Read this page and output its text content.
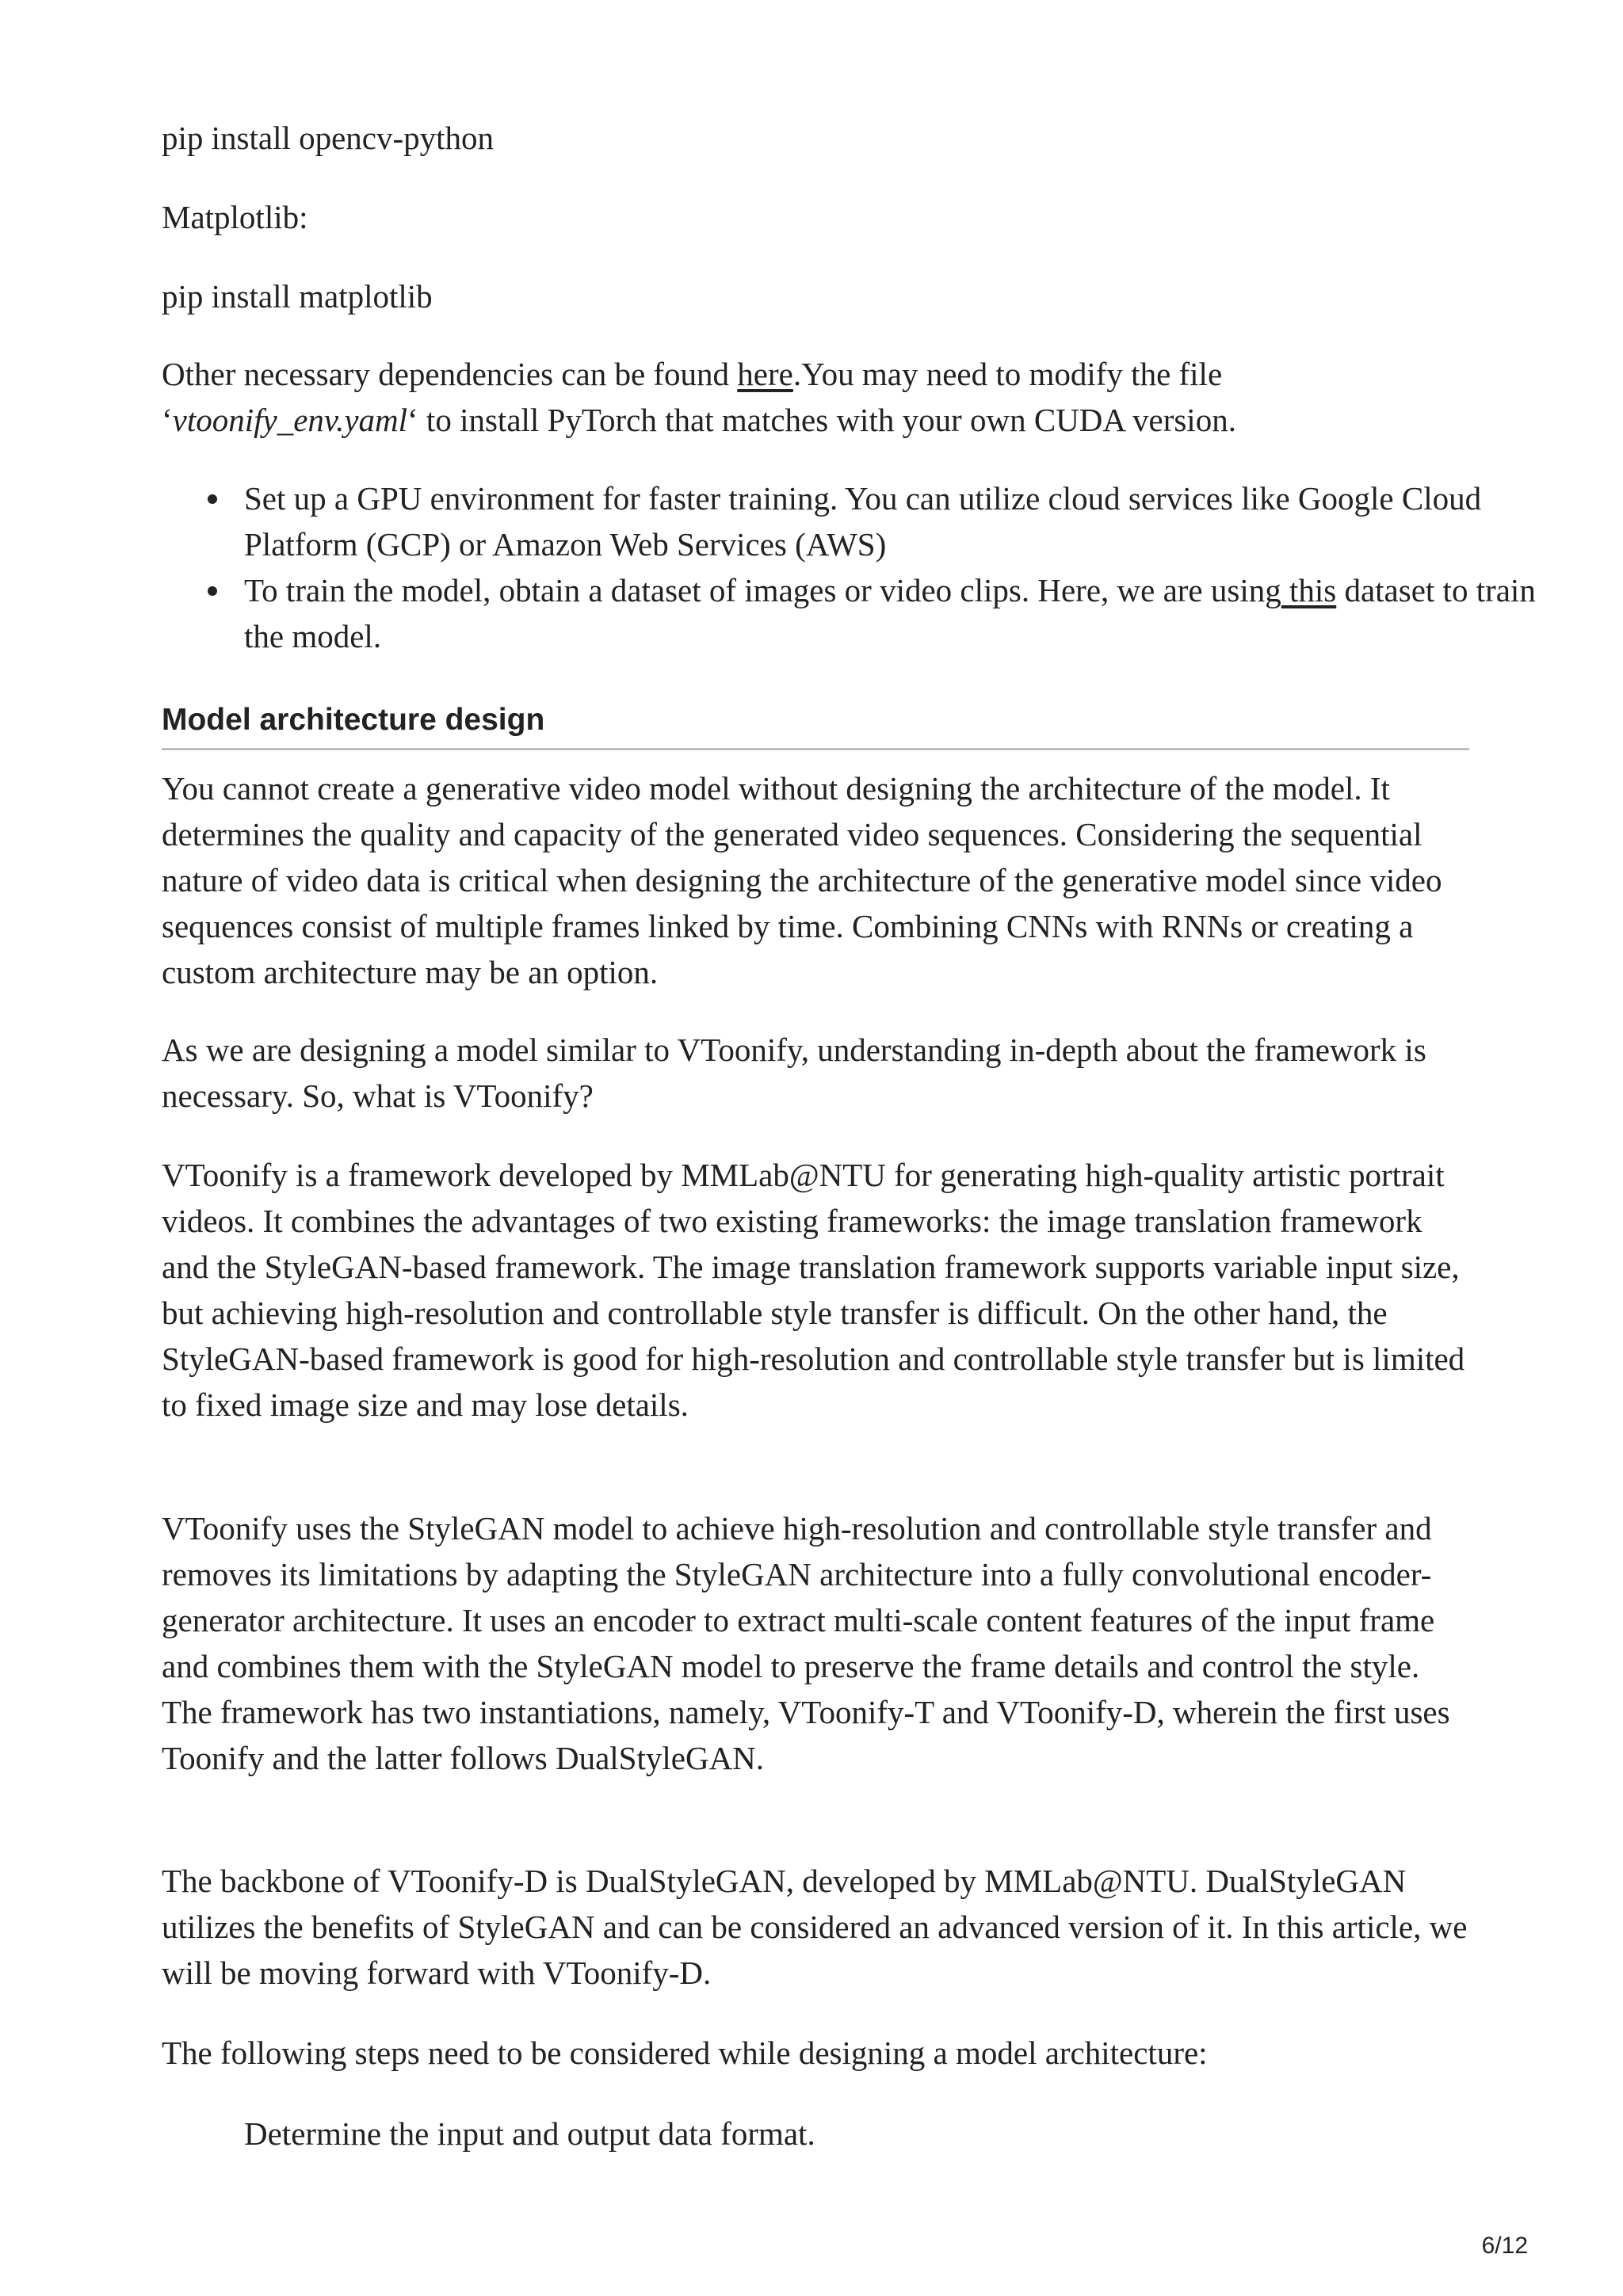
pip install opencv-python

Matplotlib:

pip install matplotlib

Other necessary dependencies can be found here.You may need to modify the file ‘vtoonify_env.yaml‘ to install PyTorch that matches with your own CUDA version.

Set up a GPU environment for faster training. You can utilize cloud services like Google Cloud Platform (GCP) or Amazon Web Services (AWS)
To train the model, obtain a dataset of images or video clips. Here, we are using this dataset to train the model.
Model architecture design

You cannot create a generative video model without designing the architecture of the model. It determines the quality and capacity of the generated video sequences. Considering the sequential nature of video data is critical when designing the architecture of the generative model since video sequences consist of multiple frames linked by time. Combining CNNs with RNNs or creating a custom architecture may be an option.

As we are designing a model similar to VToonify, understanding in-depth about the framework is necessary. So, what is VToonify?

VToonify is a framework developed by MMLab@NTU for generating high-quality artistic portrait videos. It combines the advantages of two existing frameworks: the image translation framework and the StyleGAN-based framework. The image translation framework supports variable input size, but achieving high-resolution and controllable style transfer is difficult. On the other hand, the StyleGAN-based framework is good for high-resolution and controllable style transfer but is limited to fixed image size and may lose details.

VToonify uses the StyleGAN model to achieve high-resolution and controllable style transfer and removes its limitations by adapting the StyleGAN architecture into a fully convolutional encoder-generator architecture. It uses an encoder to extract multi-scale content features of the input frame and combines them with the StyleGAN model to preserve the frame details and control the style. The framework has two instantiations, namely, VToonify-T and VToonify-D, wherein the first uses Toonify and the latter follows DualStyleGAN.

The backbone of VToonify-D is DualStyleGAN, developed by MMLab@NTU. DualStyleGAN utilizes the benefits of StyleGAN and can be considered an advanced version of it. In this article, we will be moving forward with VToonify-D.

The following steps need to be considered while designing a model architecture:

Determine the input and output data format.

6/12
